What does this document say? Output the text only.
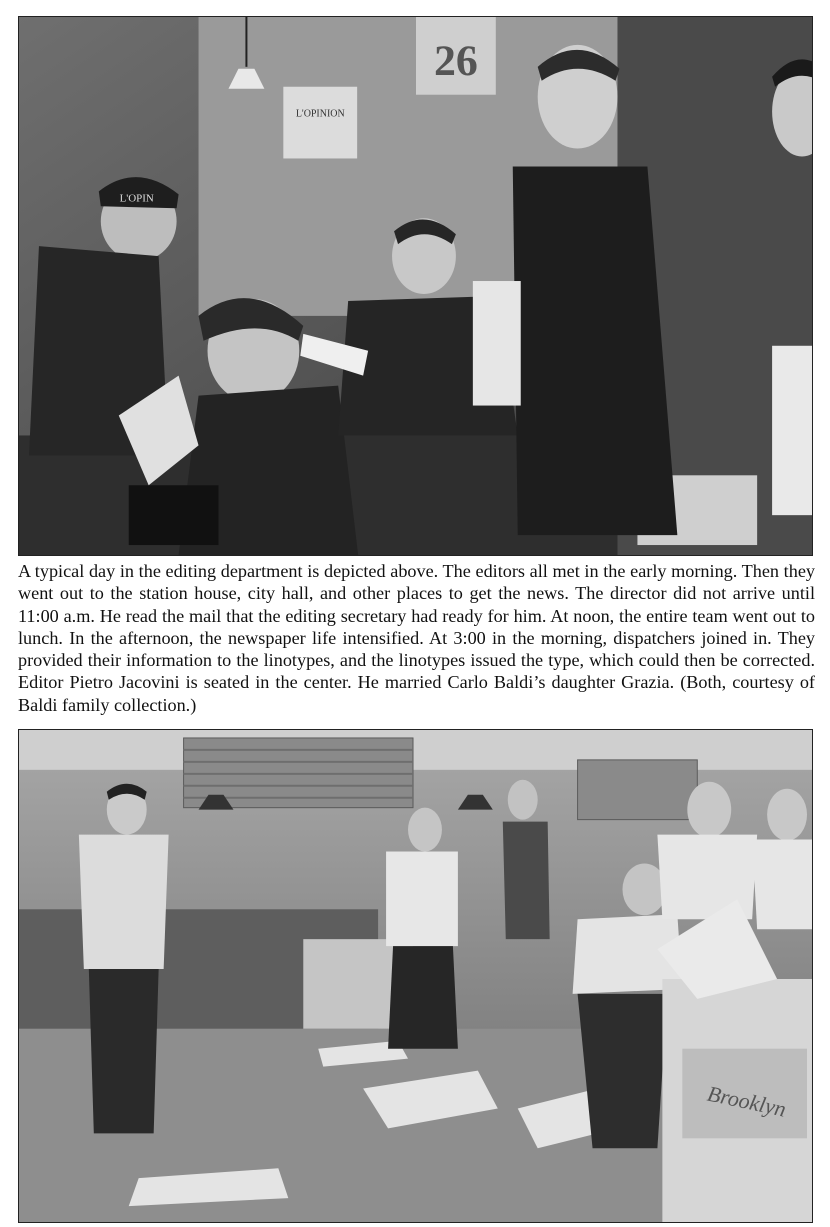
26
L'OPINION
L'OPIN

A typical day in the editing department is depicted above. The editors all met in the early morning. Then they went out to the station house, city hall, and other places to get the news. The director did not arrive until 11:00 a.m. He read the mail that the editing secretary had ready for him. At noon, the entire team went out to lunch. In the afternoon, the newspaper life intensified. At 3:00 in the morning, dispatchers joined in. They provided their information to the linotypes, and the linotypes issued the type, which could then be corrected. Editor Pietro Jacovini is seated in the center. He married Carlo Baldi’s daughter Grazia. (Both, courtesy of Baldi family collection.)

Brooklyn
